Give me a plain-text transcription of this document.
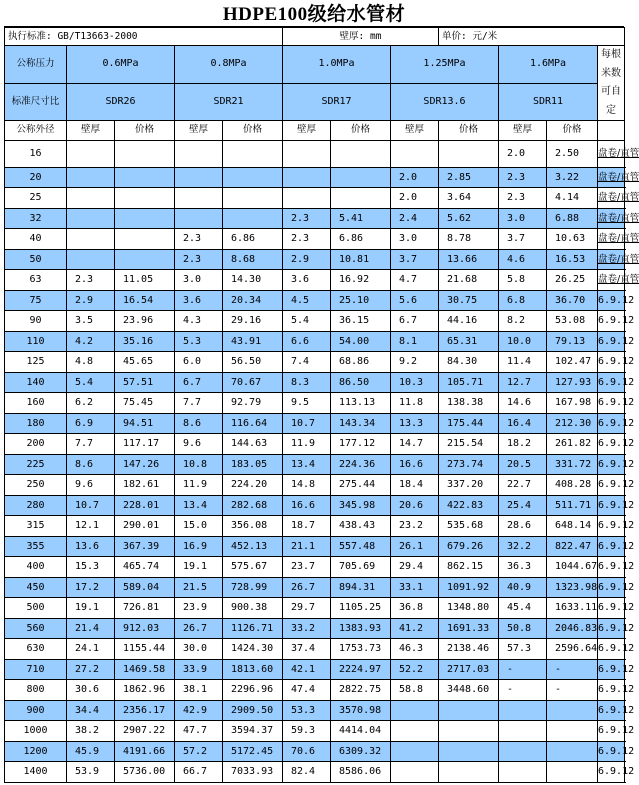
HDPE100级给水管材
执行标准: GB/T13663-2000					壁厚: mm			单价: 元/米			
公称压力	0.6MPa		0.8MPa		1.0MPa		1.25MPa		1.6MPa		每根米数可自定
标准尺寸比	SDR26		SDR21		SDR17		SDR13.6		SDR11		
公称外径	壁厚	价格	壁厚	价格	壁厚	价格	壁厚	价格	壁厚	价格	
16									2.0	2.50	盘卷/直管
20							2.0	2.85	2.3	3.22	盘卷/直管
25							2.0	3.64	2.3	4.14	盘卷/直管
32					2.3	5.41	2.4	5.62	3.0	6.88	盘卷/直管
40			2.3	6.86	2.3	6.86	3.0	8.78	3.7	10.63	盘卷/直管
50			2.3	8.68	2.9	10.81	3.7	13.66	4.6	16.53	盘卷/直管
63	2.3	11.05	3.0	14.30	3.6	16.92	4.7	21.68	5.8	26.25	盘卷/直管
75	2.9	16.54	3.6	20.34	4.5	25.10	5.6	30.75	6.8	36.70	6.9.12
90	3.5	23.96	4.3	29.16	5.4	36.15	6.7	44.16	8.2	53.08	6.9.12
110	4.2	35.16	5.3	43.91	6.6	54.00	8.1	65.31	10.0	79.13	6.9.12
125	4.8	45.65	6.0	56.50	7.4	68.86	9.2	84.30	11.4	102.47	6.9.12
140	5.4	57.51	6.7	70.67	8.3	86.50	10.3	105.71	12.7	127.93	6.9.12
160	6.2	75.45	7.7	92.79	9.5	113.13	11.8	138.38	14.6	167.98	6.9.12
180	6.9	94.51	8.6	116.64	10.7	143.34	13.3	175.44	16.4	212.30	6.9.12
200	7.7	117.17	9.6	144.63	11.9	177.12	14.7	215.54	18.2	261.82	6.9.12
225	8.6	147.26	10.8	183.05	13.4	224.36	16.6	273.74	20.5	331.72	6.9.12
250	9.6	182.61	11.9	224.20	14.8	275.44	18.4	337.20	22.7	408.28	6.9.12
280	10.7	228.01	13.4	282.68	16.6	345.98	20.6	422.83	25.4	511.71	6.9.12
315	12.1	290.01	15.0	356.08	18.7	438.43	23.2	535.68	28.6	648.14	6.9.12
355	13.6	367.39	16.9	452.13	21.1	557.48	26.1	679.26	32.2	822.47	6.9.12
400	15.3	465.74	19.1	575.67	23.7	705.69	29.4	862.15	36.3	1044.67	6.9.12
450	17.2	589.04	21.5	728.99	26.7	894.31	33.1	1091.92	40.9	1323.98	6.9.12
500	19.1	726.81	23.9	900.38	29.7	1105.25	36.8	1348.80	45.4	1633.11	6.9.12
560	21.4	912.03	26.7	1126.71	33.2	1383.93	41.2	1691.33	50.8	2046.83	6.9.12
630	24.1	1155.44	30.0	1424.30	37.4	1753.73	46.3	2138.46	57.3	2596.64	6.9.12
710	27.2	1469.58	33.9	1813.60	42.1	2224.97	52.2	2717.03	-	-	6.9.12
800	30.6	1862.96	38.1	2296.96	47.4	2822.75	58.8	3448.60	-	-	6.9.12
900	34.4	2356.17	42.9	2909.50	53.3	3570.98					6.9.12
1000	38.2	2907.22	47.7	3594.37	59.3	4414.04					6.9.12
1200	45.9	4191.66	57.2	5172.45	70.6	6309.32					6.9.12
1400	53.9	5736.00	66.7	7033.93	82.4	8586.06					6.9.12
